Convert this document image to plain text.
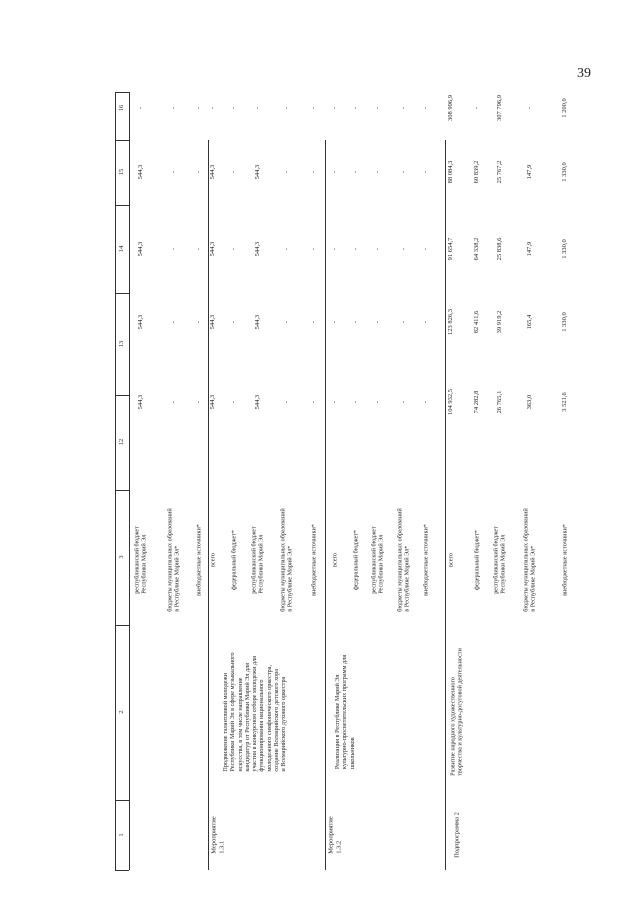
39
16
15
14
13
12
3
2
1
республиканский бюджет
Республики Марий Эл
544,3
544,3
544,3
544,3
-
бюджеты муниципальных образований
в Республике Марий Эл*
-
-
-
-
-
внебюджетные источники*
-
-
-
-
-
Мероприятие
1.3.1
Продвижение талантливой молодежи
Республики Марий Эл в сфере музыкального
искусства, в том числе направление
кандидатур от Республики Марий Эл для
участия в конкурсном отборе молодежи для
функционирования национального
молодежного симфонического оркестра,
создание Всемарийского детского хора
и Всемарийского духового оркестра
всего
544,3
544,3
544,3
544,3
-
федеральный бюджет*
-
-
-
-
-
республиканский бюджет
Республики Марий Эл
544,3
544,3
544,3
544,3
-
бюджеты муниципальных образований
в Республике Марий Эл*
-
-
-
-
-
внебюджетные источники*
-
-
-
-
-
Мероприятие
1.3.2
Реализация в Республике Марий Эл
культурно-просветительских программ для
школьников
всего
-
-
-
-
-
федеральный бюджет*
-
-
-
-
-
республиканский бюджет
Республики Марий Эл
-
-
-
-
-
бюджеты муниципальных образований
в Республике Марий Эл*
-
-
-
-
-
внебюджетные источники*
-
-
-
-
-
Подпрограмма 2
Развитие народного художественного
творчества и культурно-досуговой деятельности
всего
104 932,5
123 826,3
91 654,7
88 084,3
308 996,9
федеральный бюджет*
74 282,8
82 411,6
64 338,2
60 839,2
-
республиканский бюджет
Республики Марий Эл
26 765,1
39 919,2
25 838,6
25 767,2
307 796,9
бюджеты муниципальных образований
в Республике Марий Эл*
363,0
165,4
147,9
147,9
-
внебюджетные источники*
3 521,6
1 330,0
1 330,0
1 330,0
1 200,0
